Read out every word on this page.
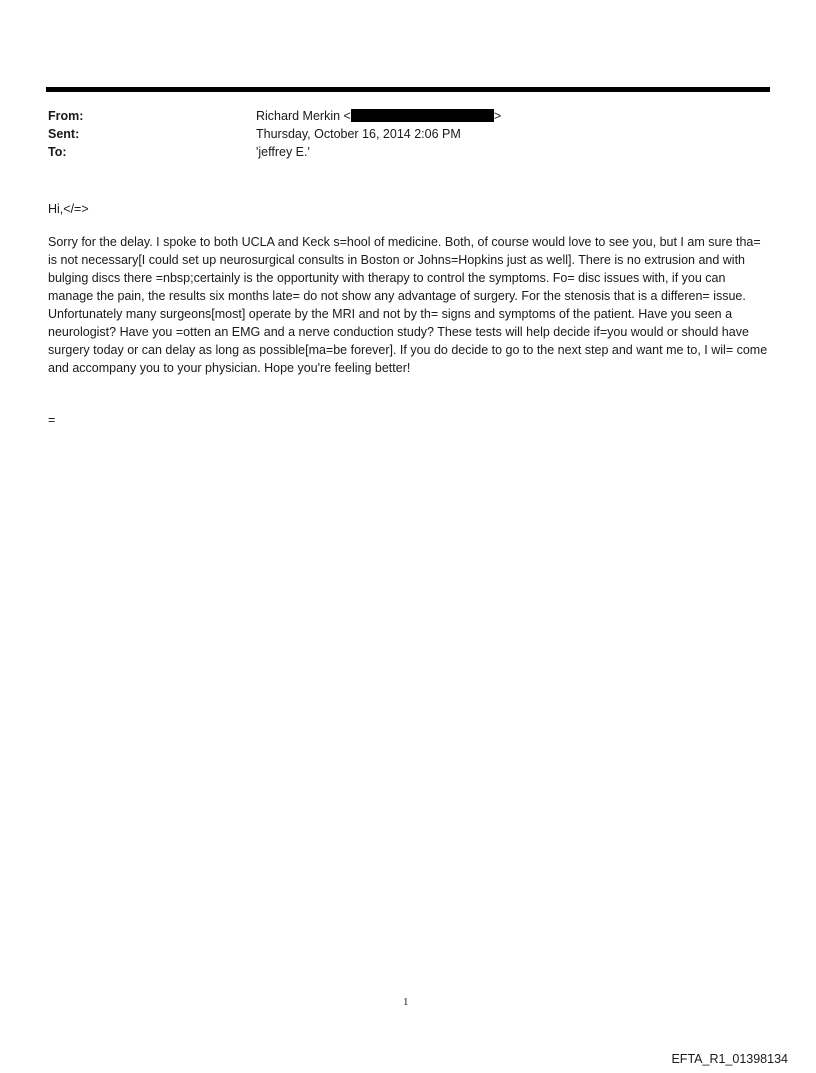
From:	Richard Merkin <	>
Sent:	Thursday, October 16, 2014 2:06 PM
To:	'jeffrey E.'
Hi,</=>
Sorry for the delay. I spoke to both UCLA and Keck s=hool of medicine. Both, of course would love to see you, but I am sure tha= is not necessary[I could set up neurosurgical consults in Boston or Johns=Hopkins just as well]. There is no extrusion and with bulging discs there =nbsp;certainly is the opportunity with therapy to control the symptoms. Fo= disc issues with, if you can manage the pain, the results six months late= do not show any advantage of surgery. For the stenosis that is a differen= issue. Unfortunately many surgeons[most] operate by the MRI and not by th= signs and symptoms of the patient. Have you seen a neurologist? Have you =otten an EMG and a nerve conduction study? These tests will help decide if=you would or should have surgery today or can delay as long as possible[ma=be forever]. If you do decide to go to the next step and want me to, I wil= come and accompany you to your physician. Hope you're feeling better!
=
1
EFTA_R1_01398134
